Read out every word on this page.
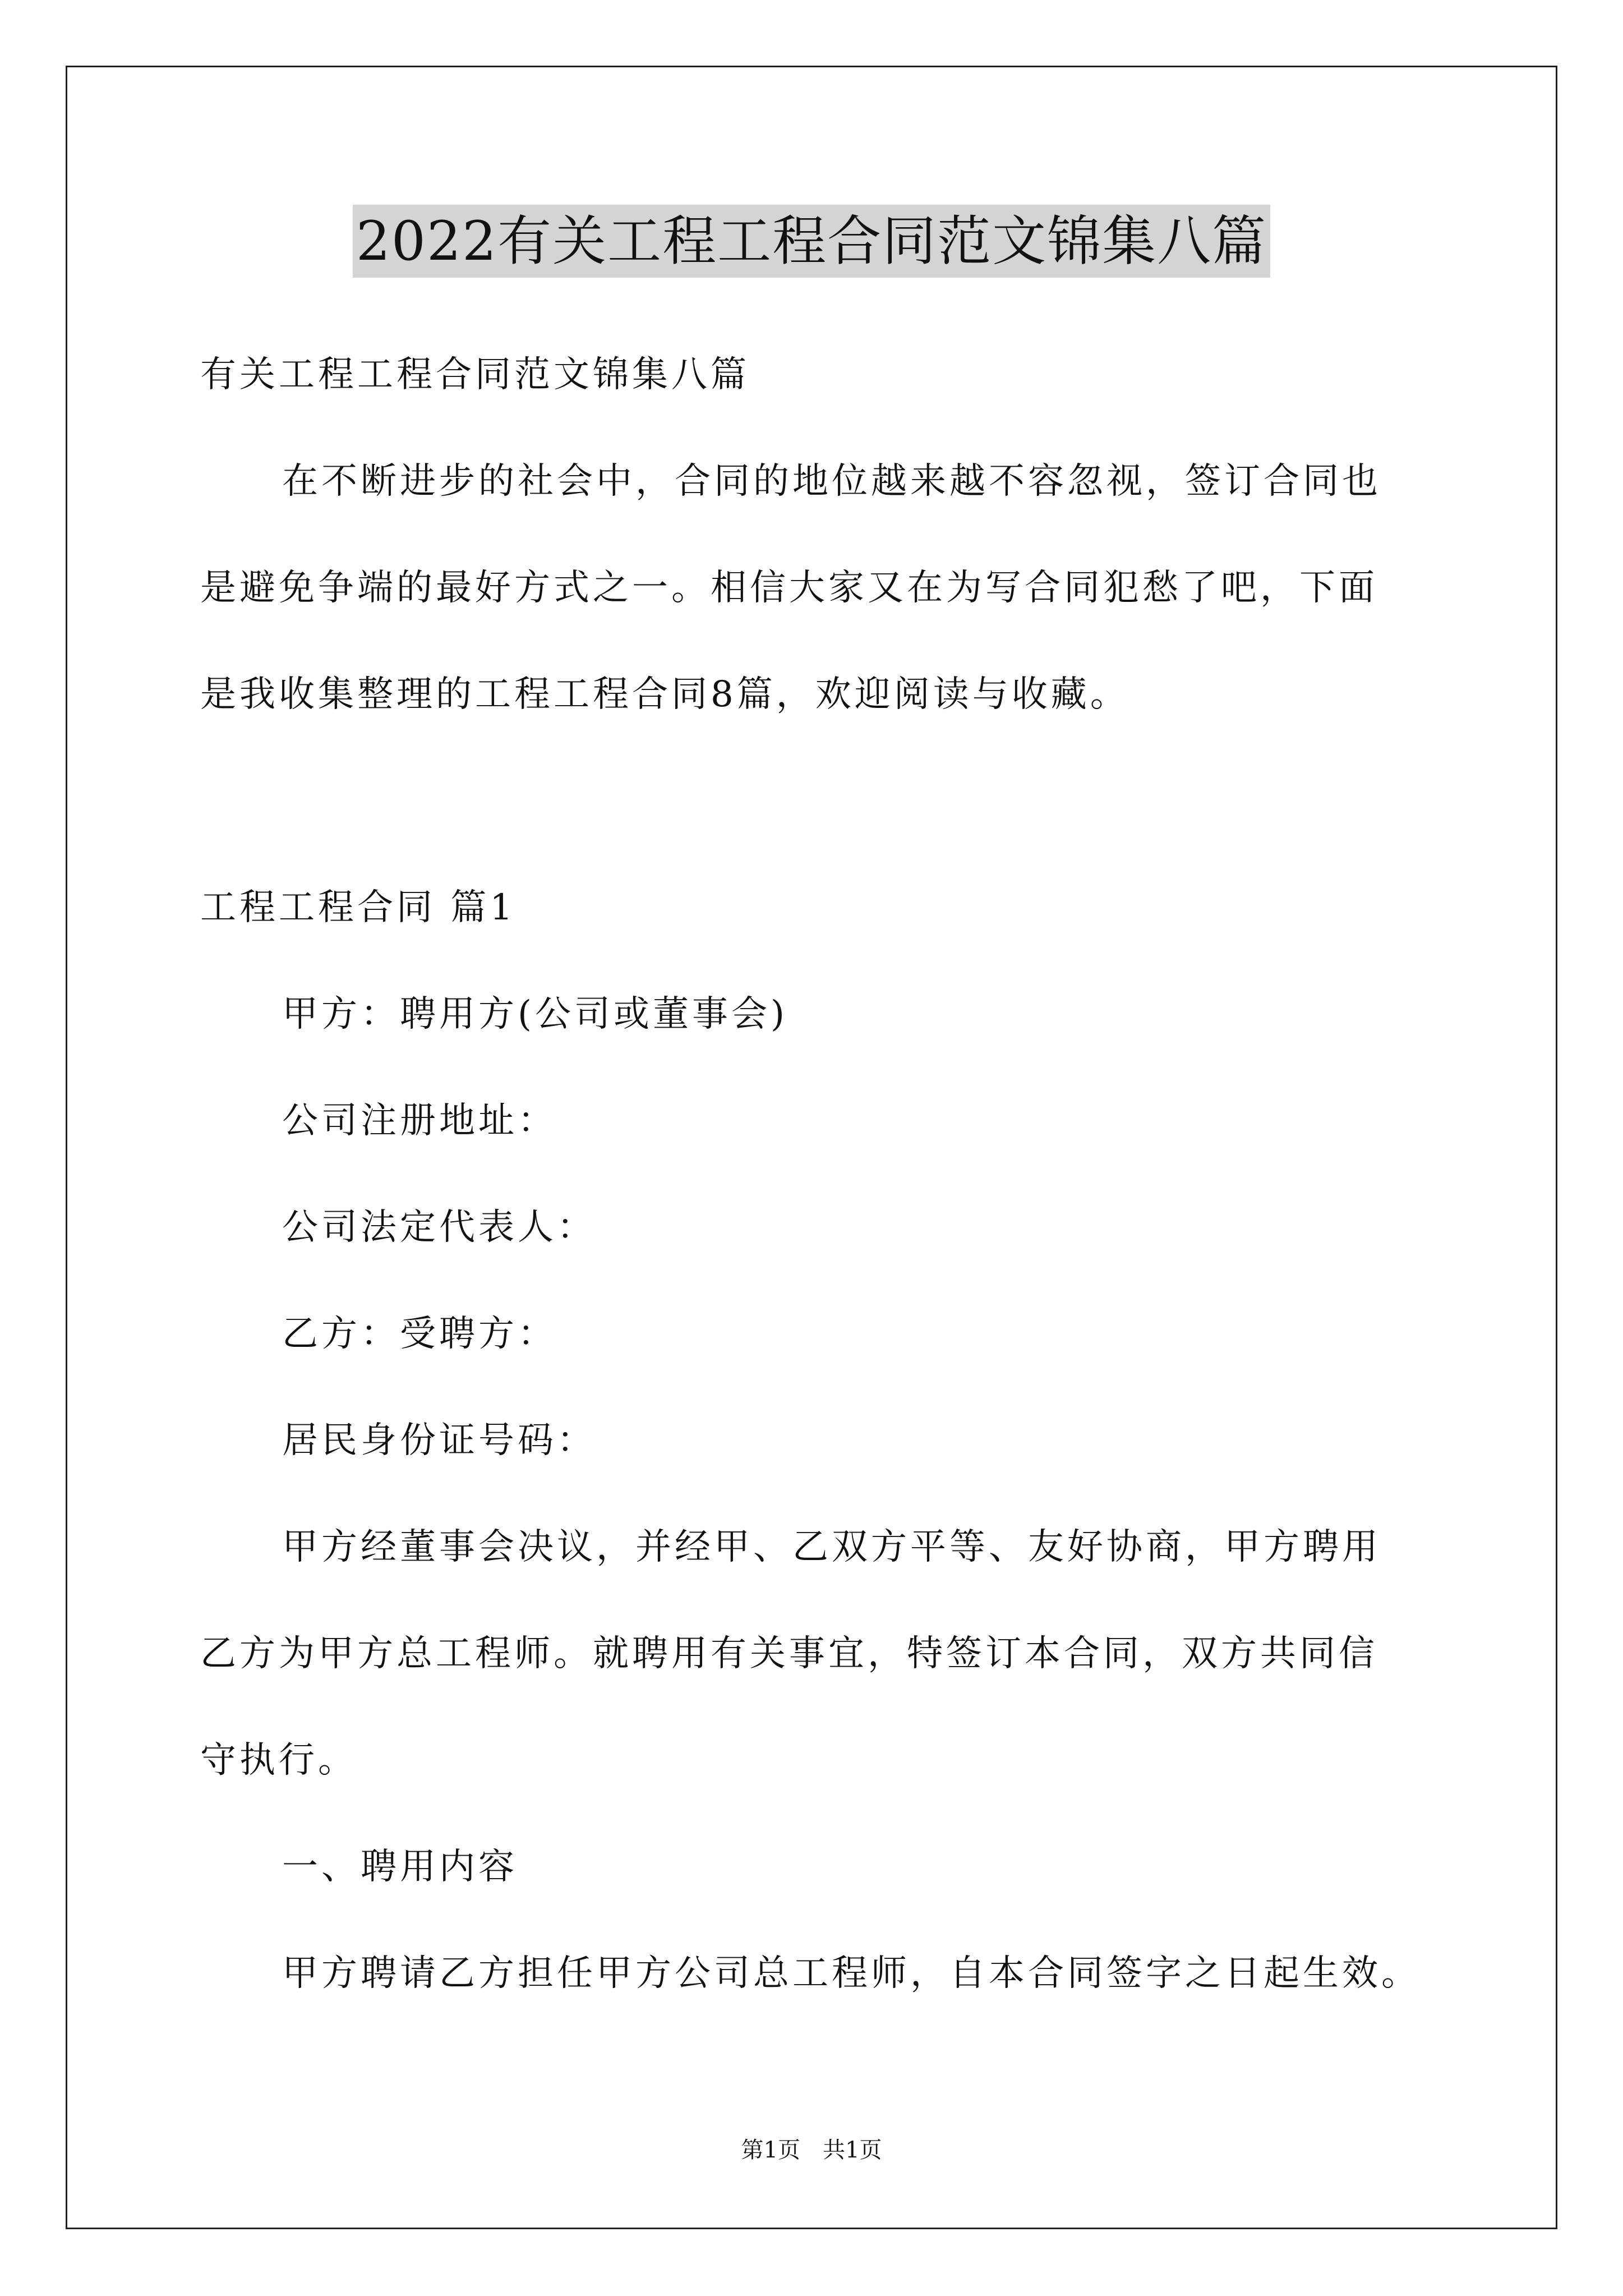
2022有关工程工程合同范文锦集八篇
有关工程工程合同范文锦集八篇
在不断进步的社会中，合同的地位越来越不容忽视，签订合同也
是避免争端的最好方式之一。相信大家又在为写合同犯愁了吧，下面
是我收集整理的工程工程合同8篇，欢迎阅读与收藏。
工程工程合同 篇1
甲方：聘用方(公司或董事会)
公司注册地址：
公司法定代表人：
乙方：受聘方：
居民身份证号码：
甲方经董事会决议，并经甲、乙双方平等、友好协商，甲方聘用
乙方为甲方总工程师。就聘用有关事宜，特签订本合同，双方共同信
守执行。
一、聘用内容
甲方聘请乙方担任甲方公司总工程师，自本合同签字之日起生效。
第1页　共1页
